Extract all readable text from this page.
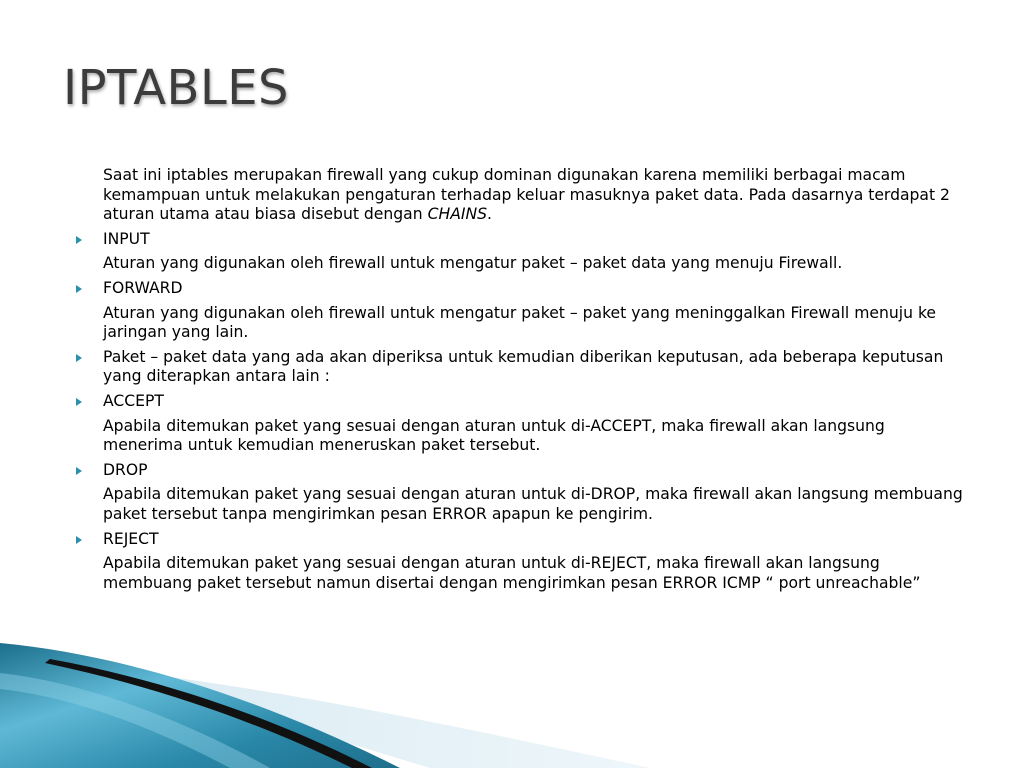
IPTABLES
Saat ini iptables merupakan firewall yang cukup dominan digunakan karena memiliki berbagai macam kemampuan untuk melakukan pengaturan terhadap keluar masuknya paket data. Pada dasarnya terdapat 2 aturan utama atau biasa disebut dengan CHAINS.
INPUT
Aturan yang digunakan oleh firewall untuk mengatur paket – paket data yang menuju Firewall.
FORWARD
Aturan yang digunakan oleh firewall untuk mengatur paket – paket yang meninggalkan Firewall menuju ke jaringan yang lain.
Paket – paket data yang ada akan diperiksa untuk kemudian diberikan keputusan, ada beberapa keputusan yang diterapkan antara lain :
ACCEPT
Apabila ditemukan paket yang sesuai dengan aturan untuk di-ACCEPT, maka firewall akan langsung menerima untuk kemudian meneruskan paket tersebut.
DROP
Apabila ditemukan paket yang sesuai dengan aturan untuk di-DROP, maka firewall akan langsung membuang paket tersebut tanpa mengirimkan pesan ERROR apapun ke pengirim.
REJECT
Apabila ditemukan paket yang sesuai dengan aturan untuk di-REJECT, maka firewall akan langsung membuang paket tersebut namun disertai dengan mengirimkan pesan ERROR ICMP “ port unreachable”
